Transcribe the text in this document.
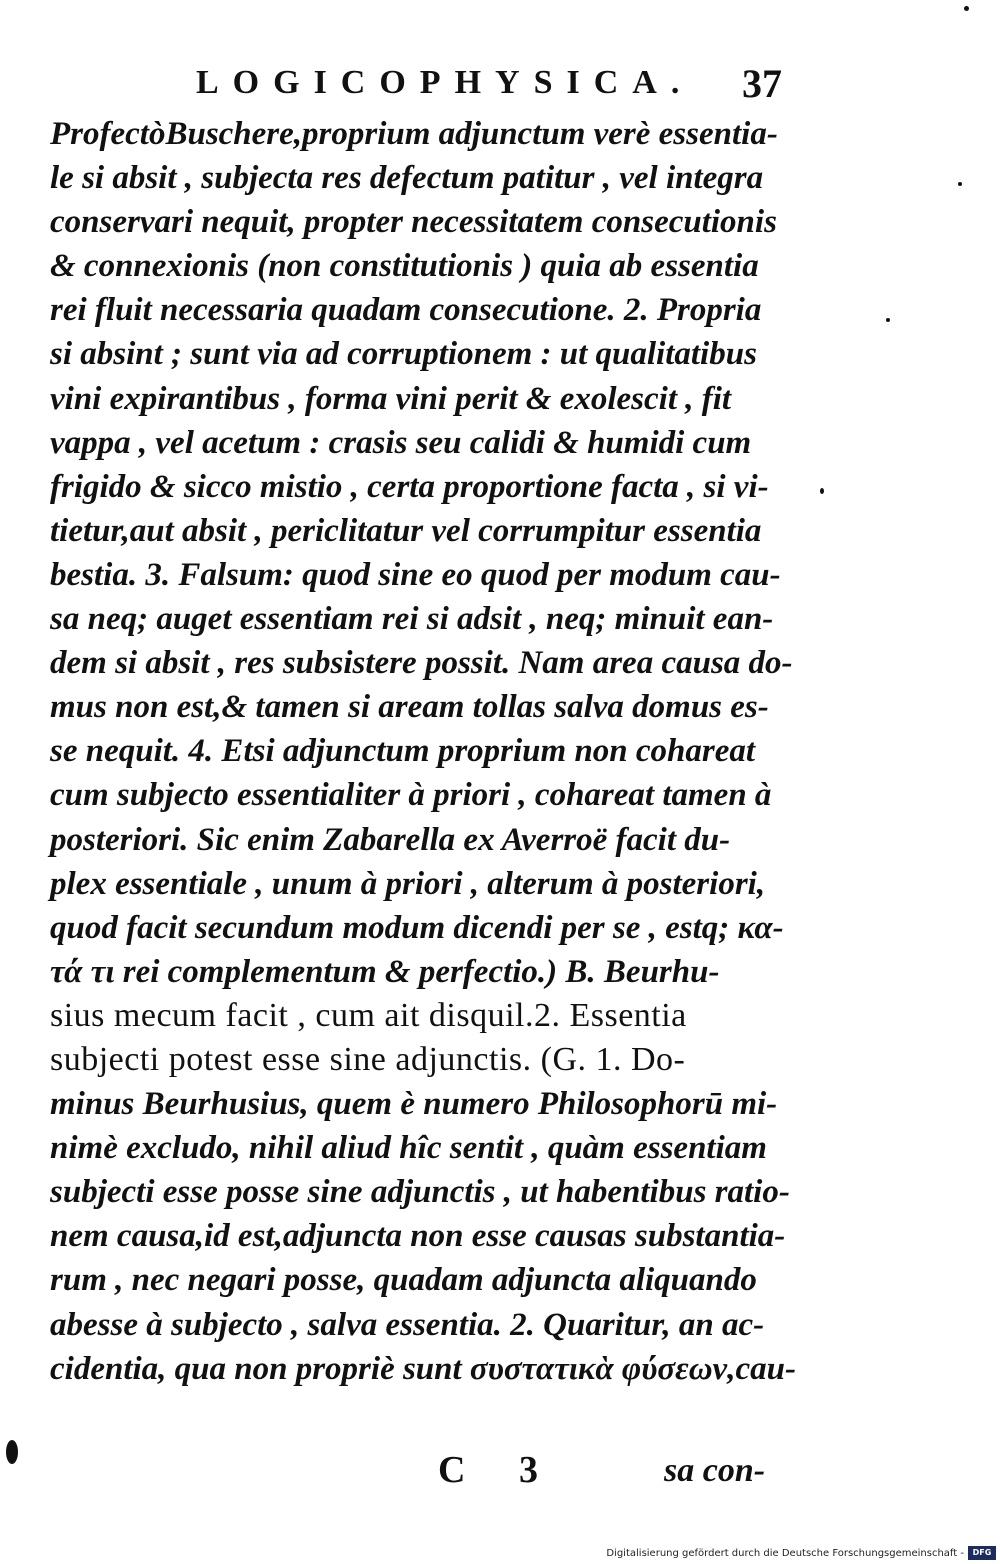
LOGICOPHYSICA. 37
ProfectòBuschere,proprium adjunctum verè essentia-
le si absit , subjecta res defectum patitur , vel integra
conservari nequit, propter necessitatem consecutionis
& connexionis (non constitutionis ) quia ab essentia
rei fluit necessaria quadam consecutione. 2. Propria
si absint ; sunt via ad corruptionem : ut qualitatibus
vini expirantibus , forma vini perit & exolescit , fit
vappa , vel acetum : crasis seu calidi & humidi cum
frigido & sicco mistio , certa proportione facta , si vi-
tietur,aut absit , periclitatur vel corrumpitur essentia
bestia. 3. Falsum: quod sine eo quod per modum cau-
sa neq; auget essentiam rei si adsit , neq; minuit ean-
dem si absit , res subsistere possit. Nam area causa do-
mus non est,& tamen si aream tollas salva domus es-
se nequit. 4. Etsi adjunctum proprium non cohareat
cum subjecto essentialiter à priori , cohareat tamen à
posteriori. Sic enim Zabarella ex Averroë facit du-
plex essentiale , unum à priori , alterum à posteriori,
quod facit secundum modum dicendi per se , estq; κα-
τά τι rei complementum & perfectio.) B. Beurhu-
sius mecum facit , cum ait disquil.2. Essentia
subjecti potest esse sine adjunctis. (G. 1. Do-
minus Beurhusius, quem è numero Philosophorū mi-
nimè excludo, nihil aliud hîc sentit , quàm essentiam
subjecti esse posse sine adjunctis , ut habentibus ratio-
nem causa,id est,adjuncta non esse causas substantia-
rum , nec negari posse, quadam adjuncta aliquando
abesse à subjecto , salva essentia. 2. Quaritur, an ac-
cidentia, qua non propriè sunt συστατικὰ φύσεων,cau-
C 3	sa con-
Digitalisierung gefördert durch die Deutsche Forschungsgemeinschaft -	DFG
